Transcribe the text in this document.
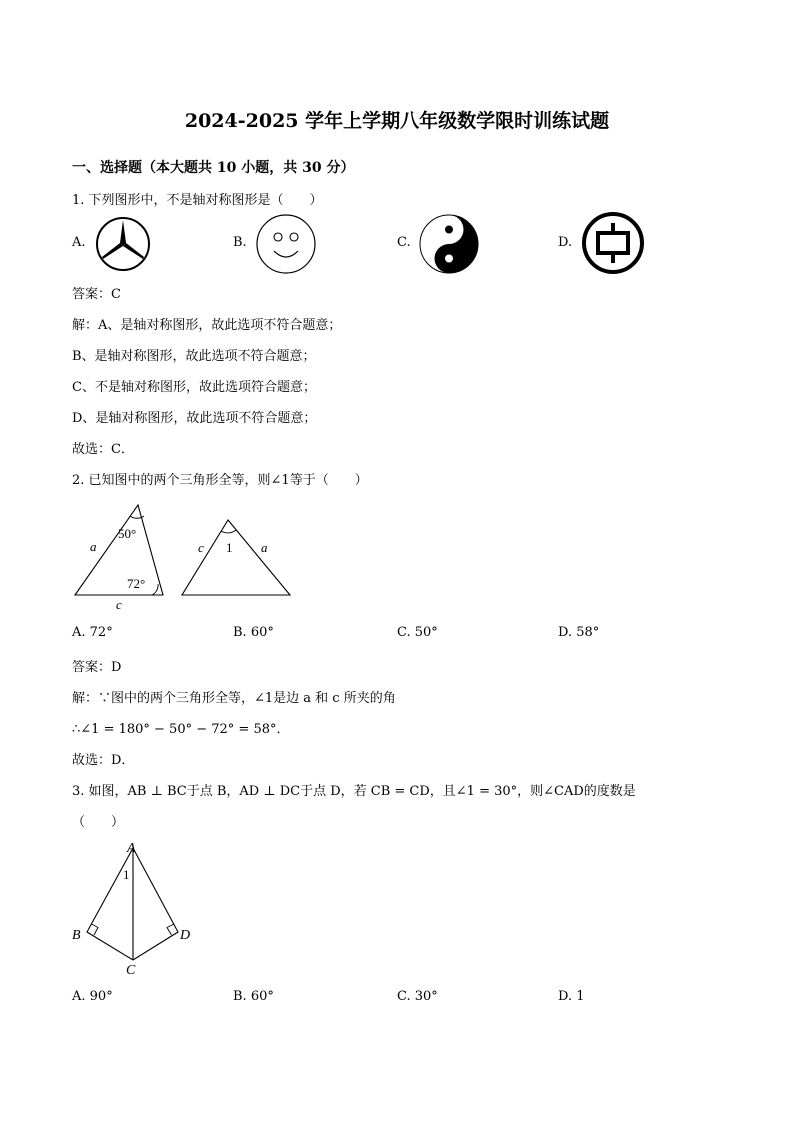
2024-2025 学年上学期八年级数学限时训练试题
一、选择题（本大题共 10 小题，共 30 分）
1. 下列图形中，不是轴对称图形是（　　）
A.	B.	C.	D.
答案：C
解：A、是轴对称图形，故此选项不符合题意；
B、是轴对称图形，故此选项不符合题意；
C、不是轴对称图形，故此选项符合题意；
D、是轴对称图形，故此选项不符合题意；
故选：C．
2. 已知图中的两个三角形全等，则∠1等于（　　）
50°
72°
a
c
1
c	a
A. 72°	B. 60°	C. 50°	D. 58°
答案：D
解：∵图中的两个三角形全等，∠1是边 a 和 c 所夹的角
∴∠1 = 180° − 50° − 72° = 58°．
故选：D．
3. 如图，AB ⊥ BC于点 B，AD ⊥ DC于点 D，若 CB = CD，且∠1 = 30°，则∠CAD的度数是
（　　）
A
1
B	D
C
A. 90°	B. 60°	C. 30°	D. 1
